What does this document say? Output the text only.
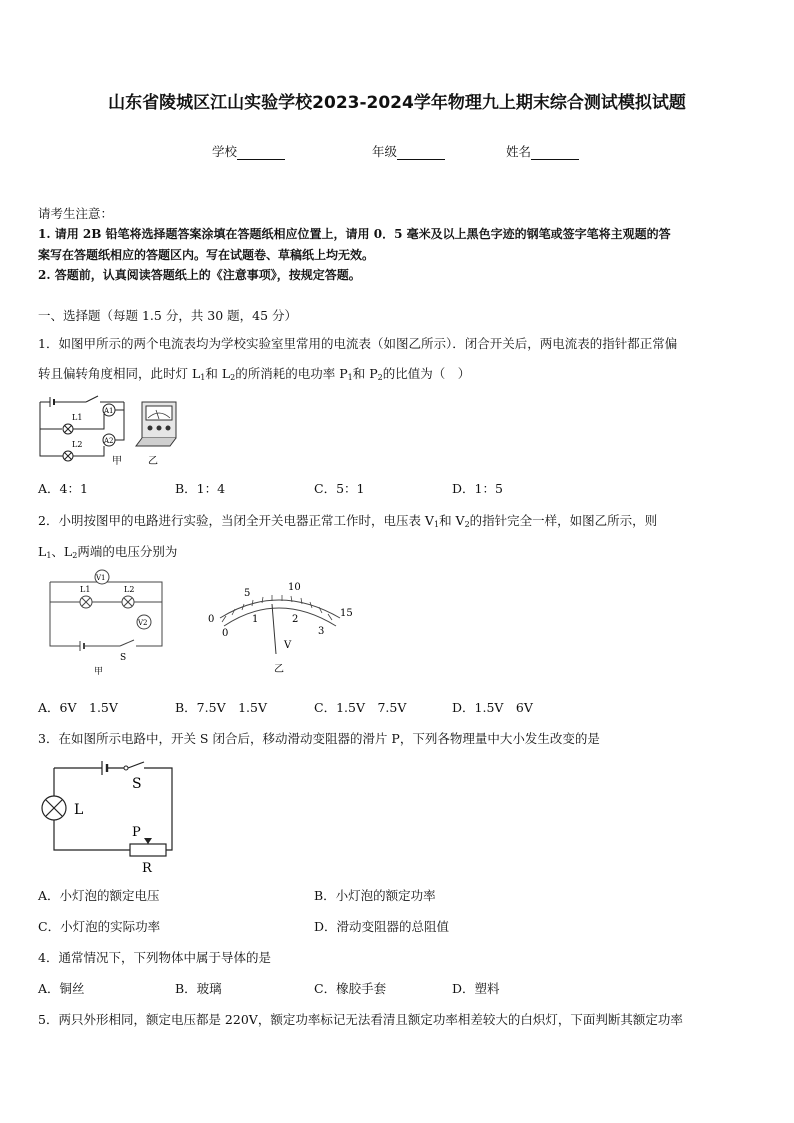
山东省陵城区江山实验学校2023-2024学年物理九上期末综合测试模拟试题
学校	年级	姓名
请考生注意：
1. 请用 2B 铅笔将选择题答案涂填在答题纸相应位置上，请用 0．5 毫米及以上黑色字迹的钢笔或签字笔将主观题的答
案写在答题纸相应的答题区内。写在试题卷、草稿纸上均无效。
2. 答题前，认真阅读答题纸上的《注意事项》，按规定答题。
一、选择题（每题 1.5 分，共 30 题，45 分）
1．如图甲所示的两个电流表均为学校实验室里常用的电流表（如图乙所示）．闭合开关后，两电流表的指针都正常偏
转且偏转角度相同，此时灯 $L_1$和 $L_2$的所消耗的电功率 $P_1$和 $P_2$的比值为（　）
L1
A1
L2	A2
甲	乙
A．4：1	B．1：4	C．5：1	D．1：5
2．小明按图甲的电路进行实验，当闭全开关电器正常工作时，电压表 $V_1$和 $V_2$的指针完全一样，如图乙所示，则
$L_1$、$L_2$两端的电压分别为
S
甲
V1
L1	L2
V2	0
5
10
15
0
1	2
3
V
乙
A．6V　1.5V	B．7.5V　1.5V	C．1.5V　7.5V	D．1.5V　6V
3．在如图所示电路中，开关 S 闭合后，移动滑动变阻器的滑片 P，下列各物理量中大小发生改变的是
S
L
P
R
A．小灯泡的额定电压	B．小灯泡的额定功率
C．小灯泡的实际功率	D．滑动变阻器的总阻值
4．通常情况下，下列物体中属于导体的是
A．铜丝	B．玻璃	C．橡胶手套	D．塑料
5．两只外形相同，额定电压都是 220V，额定功率标记无法看清且额定功率相差较大的白炽灯，下面判断其额定功率
